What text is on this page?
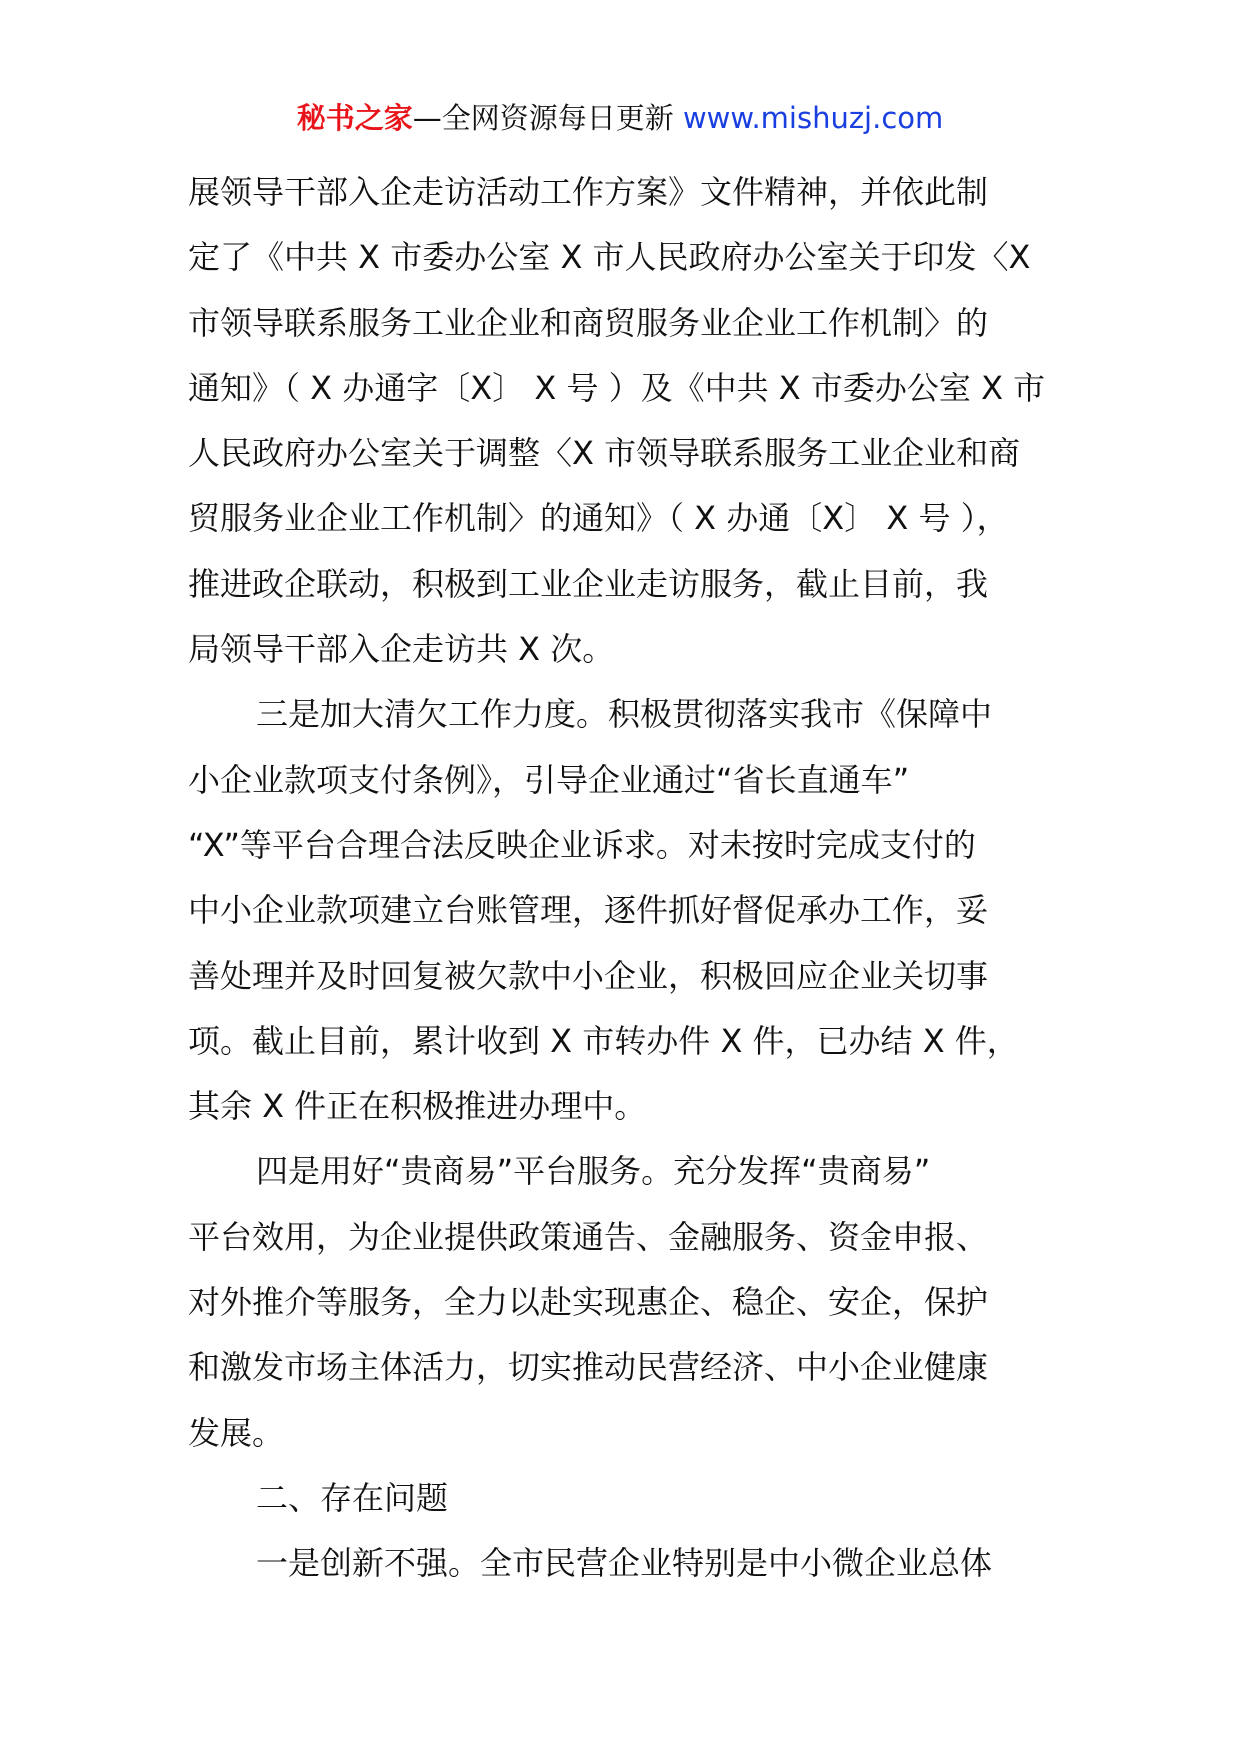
秘书之家—全网资源每日更新 www.mishuzj.com
展领导干部入企走访活动工作方案》文件精神，并依此制
定了《中共 X 市委办公室 X 市人民政府办公室关于印发〈X
市领导联系服务工业企业和商贸服务业企业工作机制〉的
通知》（ X 办通字〔X〕 X 号 ）及《中共 X 市委办公室 X 市
人民政府办公室关于调整〈X 市领导联系服务工业企业和商
贸服务业企业工作机制〉的通知》（ X 办通〔X〕 X 号 ），
推进政企联动，积极到工业企业走访服务，截止目前，我
局领导干部入企走访共 X 次。
三是加大清欠工作力度。积极贯彻落实我市《保障中
小企业款项支付条例》，引导企业通过“省长直通车”
“X”等平台合理合法反映企业诉求。对未按时完成支付的
中小企业款项建立台账管理，逐件抓好督促承办工作，妥
善处理并及时回复被欠款中小企业，积极回应企业关切事
项。截止目前，累计收到 X 市转办件 X 件，已办结 X 件，
其余 X 件正在积极推进办理中。
四是用好“贵商易”平台服务。充分发挥“贵商易”
平台效用，为企业提供政策通告、金融服务、资金申报、
对外推介等服务，全力以赴实现惠企、稳企、安企，保护
和激发市场主体活力，切实推动民营经济、中小企业健康
发展。
二、存在问题
一是创新不强。全市民营企业特别是中小微企业总体
